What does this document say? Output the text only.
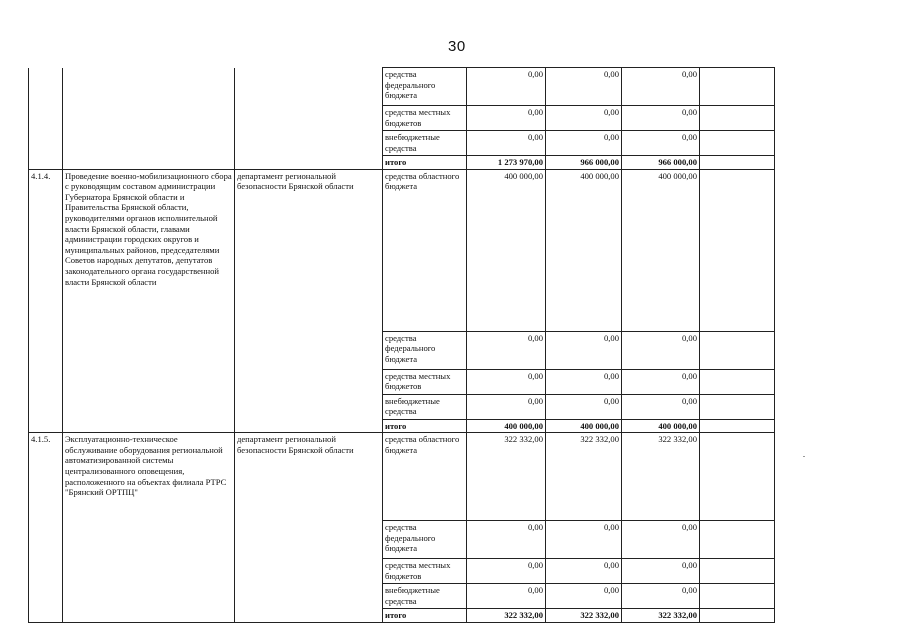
30
			средства федерального бюджета	0,00	0,00	0,00	
			средства местных бюджетов	0,00	0,00	0,00	
			внебюджетные средства	0,00	0,00	0,00	
			итого	1 273 970,00	966 000,00	966 000,00	
4.1.4.	Проведение военно-мобилизационного сбора с руководящим составом администрации Губернатора Брянской области и Правительства Брянской области, руководителями органов исполнительной власти Брянской области, главами администрации городских округов и муниципальных районов, председателями Советов народных депутатов, депутатов законодательного органа государственной власти Брянской области	департамент региональной безопасности Брянской области	средства областного бюджета	400 000,00	400 000,00	400 000,00	
			средства федерального бюджета	0,00	0,00	0,00	
			средства местных бюджетов	0,00	0,00	0,00	
			внебюджетные средства	0,00	0,00	0,00	
			итого	400 000,00	400 000,00	400 000,00	
4.1.5.	Эксплуатационно-техническое обслуживание оборудования региональной автоматизированной системы централизованного оповещения, расположенного на объектах филиала РТРС "Брянский ОРТПЦ"	департамент региональной безопасности Брянской области	средства областного бюджета	322 332,00	322 332,00	322 332,00	
			средства федерального бюджета	0,00	0,00	0,00	
			средства местных бюджетов	0,00	0,00	0,00	
			внебюджетные средства	0,00	0,00	0,00	
			итого	322 332,00	322 332,00	322 332,00	
